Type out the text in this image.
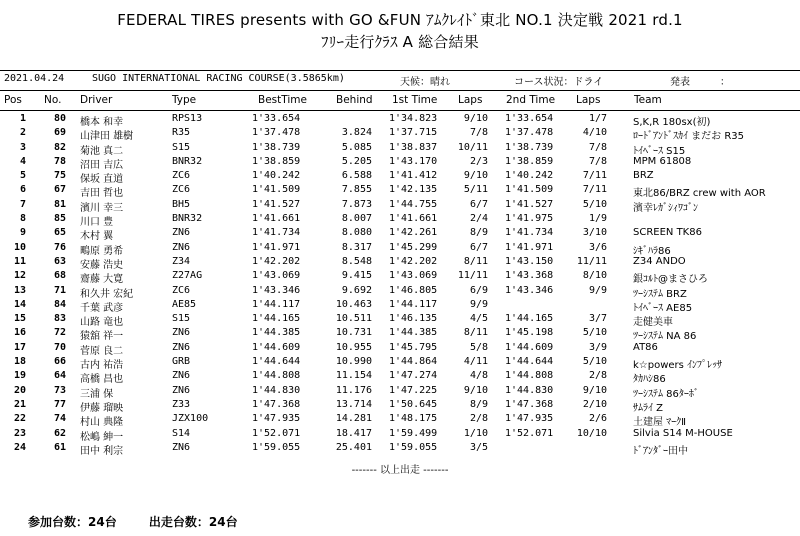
FEDERAL TIRES presents with GO &FUN ｱﾑｸﾚｲﾄﾞ東北 NO.1 決定戦 2021 rd.1
ﾌﾘｰ走行ｸﾗｽ A 総合結果
2021.04.24	SUGO INTERNATIONAL RACING COURSE(3.5865km)	天候：晴れ	コース状況：ドライ	発表　　　：
Pos No. Driver	Type	BestTime	Behind 1st Time Laps 2nd Time Laps	Team
1	80 橋本 和幸	RPS13	1'33.654	1'34.823	9/10 1'33.654	1/7	S,K,R 180sx(初)
2	69 山津田 雄樹	R35	1'37.478	3.824 1'37.715	7/8 1'37.478	4/10	ﾛｰﾄﾞｱﾝﾄﾞｽｶｲ まだお R35
3	82 菊池 真二	S15	1'38.739	5.085 1'38.837	10/11 1'38.739	7/8	ﾄｲﾍﾞｰｽ S15
4	78 沼田 吉広	BNR32	1'38.859	5.205 1'43.170	2/3 1'38.859	7/8	MPM 61808
5	75 保坂 直道	ZC6	1'40.242	6.588 1'41.412	9/10 1'40.242	7/11	BRZ
6	67 吉田 哲也	ZC6	1'41.509	7.855 1'42.135	5/11 1'41.509	7/11	東北86/BRZ crew with AOR
7	81 濱川 幸三	BH5	1'41.527	7.873 1'44.755	6/7 1'41.527	5/10	濱幸ﾚｶﾞｼｨﾜｺﾞﾝ
8	85 川口 豊	BNR32	1'41.661	8.007 1'41.661	2/4 1'41.975	1/9
9	65 木村 翼	ZN6	1'41.734	8.080 1'42.261	8/9 1'41.734	3/10	SCREEN TK86
10	76 鴫原 勇希	ZN6	1'41.971	8.317 1'45.299	6/7 1'41.971	3/6	ｼｷﾞﾊﾗ86
11	63 安藤 浩史	Z34	1'42.202	8.548 1'42.202	8/11 1'43.150	11/11	Z34 ANDO
12	68 齋藤 大寛	Z27AG	1'43.069	9.415 1'43.069	11/11 1'43.368	8/10	銀ｺﾙﾄ@まさひろ
13	71 和久井 宏紀	ZC6	1'43.346	9.692 1'46.805	6/9 1'43.346	9/9	ﾂｰｼｽﾃﾑ BRZ
14	84 千葉 武彦	AE85	1'44.117	10.463 1'44.117	9/9	ﾄｲﾍﾞｰｽ AE85
15	83 山路 竜也	S15	1'44.165	10.511 1'46.135	4/5 1'44.165	3/7	走健美車
16	72 猿舘 祥一	ZN6	1'44.385	10.731 1'44.385	8/11 1'45.198	5/10	ﾂｰｼｽﾃﾑ NA 86
17	70 菅原 良二	ZN6	1'44.609	10.955 1'45.795	5/8 1'44.609	3/9	AT86
18	66 古内 祐浩	GRB	1'44.644	10.990 1'44.864	4/11 1'44.644	5/10	k☆powers ｲﾝﾌﾟﾚｯｻ
19	64 高橋 昌也	ZN6	1'44.808	11.154 1'47.274	4/8 1'44.808	2/8	ﾀｶﾊｼ86
20	73 三浦 保	ZN6	1'44.830	11.176 1'47.225	9/10 1'44.830	9/10	ﾂｰｼｽﾃﾑ 86ﾀｰﾎﾞ
21	77 伊藤 瑠映	Z33	1'47.368	13.714 1'50.645	8/9 1'47.368	2/10	ｻﾑﾗｲ Z
22	74 村山 典隆	JZX100	1'47.935	14.281 1'48.175	2/8 1'47.935	2/6	土建屋 ﾏｰｸⅡ
23	62 松嶋 紳一	S14	1'52.071	18.417 1'59.499	1/10 1'52.071	10/10	Silvia S14 M-HOUSE
24	61 田中 利宗	ZN6	1'59.055	25.401 1'59.055	3/5	ﾄﾞｱﾝﾀﾞｰ田中
------- 以上出走 -------
参加台数：24台	出走台数：24台
